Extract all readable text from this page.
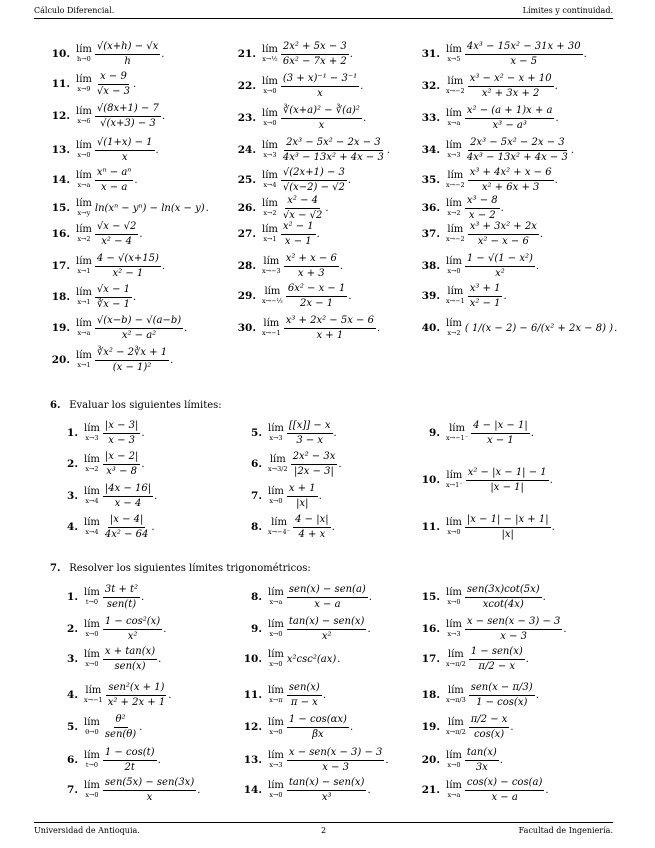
Cálculo Diferencial.	Límites y continuidad.
6. Evaluar los siguientes límites:
7. Resolver los siguientes límites trigonométricos:
10. lím
$h\to 0 \frac{√(x+h) - √x}{h}$ .
11. lím
$x\to 9 \frac{x - 9}{√x - 3}$ .
12. lím
$x\to 6 \frac{√(8x+1) - 7}{√(x+3) - 3}$ .
13. lím
$x\to 0 \frac{√(1+x) - 1}{x}$ .
14. lím
$x\to a \frac{\text{xⁿ − aⁿ}}{x - a}$ .
15. lím
x→y ln(xⁿ − yⁿ) − ln(x − y) .
16. lím
$x\to 2 \frac{√x - √2}{\text{x² − 4}}$ .
17. lím
$x\to 1 \frac{4 - √(x+15)}{\text{x² − 1}}$ .
18. lím
$x\to 1 \frac{√x - 1}{∛x - 1}$ .
19. lím
$x\to a \frac{√(x-b) - √(a-b)}{\text{x² − a²}}$ .
20. lím
$x\to 1 \frac{\text{∛x² − 2∛x + 1}}{\text{(x − 1)²}}$ .
21. lím
x→½ $\frac{\text{2x² + 5x − 3}}{\text{6x² − 7x + 2}}$ .
22. lím
$x\to 0 \frac{\text{(3 + x)⁻¹ − 3⁻¹}}{x}$ .
23. lím
$x\to 0 \frac{\text{∛(x+a)² − ∛(a)²}}{x}$ .
24. lím
$x\to 3 \frac{\text{2x³ − 5x² − 2x − 3}}{\text{4x³ − 13x² + 4x − 3}}$ .
25. lím
$x\to 4 \frac{√(2x+1) - 3}{√(x-2) - √2}$ .
26. lím
$x\to 2 \frac{\text{x² − 4}}{√x - √2}$ .
27. lím
$x\to 1 \frac{\text{x² − 1}}{x - 1}$ .
28. lím
$x\to-3 \frac{\text{x² + x − 6}}{x + 3}$ .
29. lím
x→−½ $\frac{\text{6x² − x − 1}}{2x - 1}$ .
30. lím
$x\to-1 \frac{\text{x³ + 2x² − 5x − 6}}{x + 1}$ .
31. lím
$x\to 5 \frac{\text{4x³ − 15x² − 31x + 30}}{x - 5}$ .
32. lím
$x\to-2 \frac{\text{x³ − x² − x + 10}}{\text{x² + 3x + 2}}$ .
33. lím
$x\to a \frac{\text{x² − (a + 1)x + a}}{\text{x³ − a³}}$ .
34. lím
$x\to 3 \frac{\text{2x³ − 5x² − 2x − 3}}{\text{4x³ − 13x² + 4x − 3}}$ .
35. lím
$x\to-2 \frac{\text{x³ + 4x² + x − 6}}{\text{x² + 6x + 3}}$ .
36. lím
$x\to 2 \frac{\text{x³ − 8}}{x - 2}$ .
37. lím
$x\to-2 \frac{\text{x³ + 3x² + 2x}}{\text{x² − x − 6}}$ .
38. lím
$x\to 0 \frac{\text{1 − √(1 − x²)}}{\text{x²}}$ .
39. lím
$x\to-1 \frac{\text{x³ + 1}}{\text{x² − 1}}$ .
40. lím
x→2 ( 1/(x − 2) − 6/(x² + 2x − 8) ) .
1. lím
$x\to 3 \frac{|x - 3|}{x - 3}$ .
2. lím
$x\to 2 \frac{|x - 2|}{\text{x³ − 8}}$ .
3. lím
$x\to 4 \frac{|4x - 16|}{x - 4}$ .
4. lím
$x\to 4 \frac{|x - 4|}{\text{4x² − 64}}$ .
5. lím
$x\to 3 \frac{[[x]] - x}{3 - x}$ .
6. lím
$x\to 3/2 \frac{\text{2x² − 3x}}{|2x - 3|}$ .
7. lím
$x\to 0 \frac{x + 1}{|x|}$ .
8. lím
$x\to-4^- \frac{4 - |x|}{4 + x}$ .
9. lím
$x\to-1^- \frac{4 - |x - 1|}{x - 1}$ .
10. lím
$x\to 1^- \frac{\text{x² − |x − 1| − 1}}{|x - 1|}$ .
11. lím
$x\to 0 \frac{|x - 1| - |x + 1|}{|x|}$ .
1. lím
$t\to 0 \frac{\text{3t + t²}}{\text{sen(t)}}$ .
2. lím
$x\to 0 \frac{\text{1 − cos²(x)}}{\text{x²}}$ .
3. lím
$x\to 0 \frac{x + \tan(x)}{\text{sen(x)}}$ .
4. lím
$x\to-1 \frac{\text{sen²(x + 1)}}{\text{x² + 2x + 1}}$ .
5. lím
$\theta\to 0 \frac{\text{θ²}}{\text{sen(θ)}}$ .
6. lím
$t\to 0 \frac{1 - \cos(t)}{2t}$ .
7. lím
$x\to 0 \frac{\text{sen(5x) − sen(3x)}}{x}$ .
8. lím
$x\to a \frac{\text{sen(x) − sen(a)}}{x - a}$ .
9. lím
$x\to 0 \frac{\text{tan(x) − sen(x)}}{\text{x²}}$ .
10. lím
x→0 x²csc²(ax) .
11. lím
$x\to\pi \frac{\text{sen(x)}}{\pi - x}$ .
12. lím
$x\to 0 \frac{1 - \cos(\alpha x)}{\beta x}$ .
13. lím
$x\to 3 \frac{\text{x − sen(x − 3) − 3}}{x - 3}$ .
14. lím
$x\to 0 \frac{\text{tan(x) − sen(x)}}{\text{x³}}$ .
15. lím
$x\to 0 \frac{\text{sen(3x)cot(5x)}}{xcot(4x)}$ .
16. lím
$x\to 3 \frac{\text{x − sen(x − 3) − 3}}{x - 3}$ .
17. lím
$x\to\pi/2 \frac{\text{1 − sen(x)}}{\pi/2 - x}$ .
18. lím
$x\to\pi/3 \frac{\text{sen(x − π/3)}}{1 - \cos(x)}$ .
19. lím
$x\to\pi/2 \frac{\pi/2 - x}{\cos(x)}$ .
20. lím
$x\to 0 \frac{\tan(x)}{3x}$ .
21. lím
$x\to a \frac{\cos(x) - \cos(a)}{x - a}$ .
Universidad de Antioquia.	2	Facultad de Ingeniería.
